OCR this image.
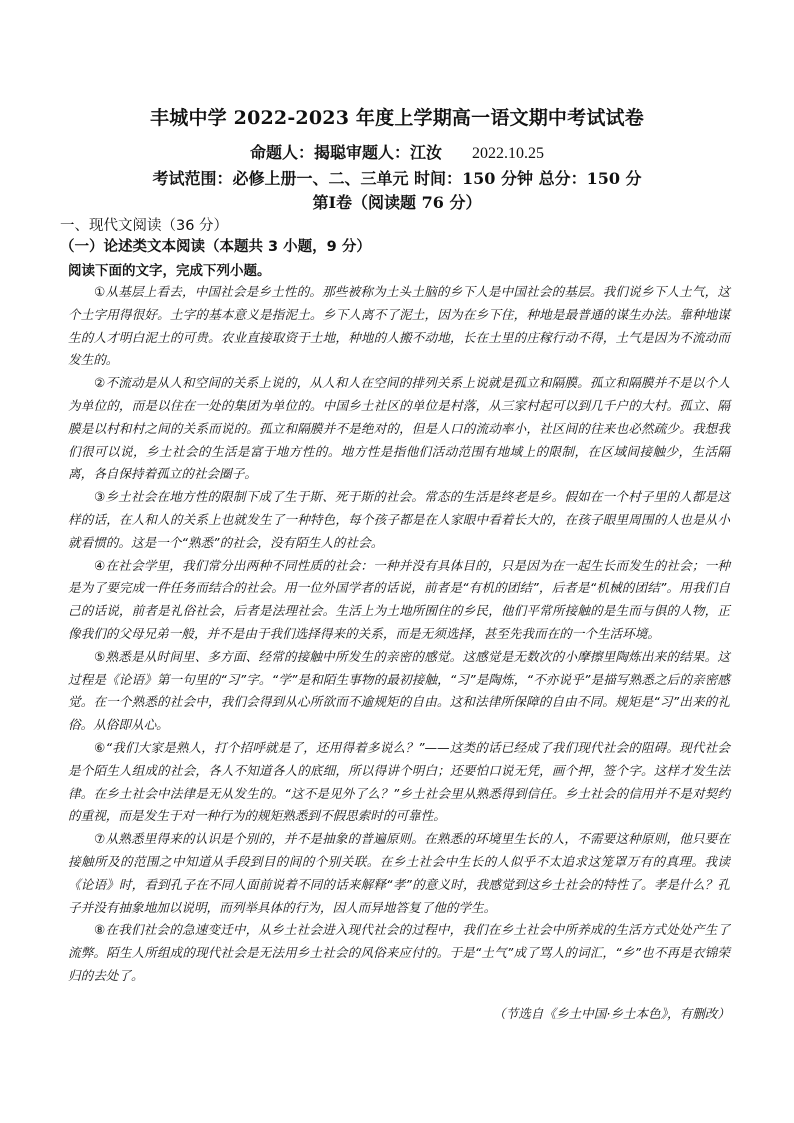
丰城中学 2022-2023 年度上学期高一语文期中考试试卷
命题人：揭聪审题人：江汝 2022.10.25
考试范围：必修上册一、二、三单元 时间：150 分钟 总分：150 分
第Ⅰ卷（阅读题 76 分）
一、现代文阅读（36 分）
（一）论述类文本阅读（本题共 3 小题，9 分）
阅读下面的文字，完成下列小题。

①从基层上看去，中国社会是乡土性的。那些被称为土头土脑的乡下人是中国社会的基层。我们说乡下人土气，这个土字用得很好。土字的基本意义是指泥土。乡下人离不了泥土，因为在乡下住，种地是最普通的谋生办法。靠种地谋生的人才明白泥土的可贵。农业直接取资于土地，种地的人搬不动地，长在土里的庄稼行动不得，土气是因为不流动而发生的。

②不流动是从人和空间的关系上说的，从人和人在空间的排列关系上说就是孤立和隔膜。孤立和隔膜并不是以个人为单位的，而是以住在一处的集团为单位的。中国乡土社区的单位是村落，从三家村起可以到几千户的大村。孤立、隔膜是以村和村之间的关系而说的。孤立和隔膜并不是绝对的，但是人口的流动率小，社区间的往来也必然疏少。我想我们很可以说，乡土社会的生活是富于地方性的。地方性是指他们活动范围有地域上的限制，在区域间接触少，生活隔离，各自保持着孤立的社会圈子。

③乡土社会在地方性的限制下成了生于斯、死于斯的社会。常态的生活是终老是乡。假如在一个村子里的人都是这样的话，在人和人的关系上也就发生了一种特色，每个孩子都是在人家眼中看着长大的，在孩子眼里周围的人也是从小就看惯的。这是一个“熟悉”的社会，没有陌生人的社会。

④在社会学里，我们常分出两种不同性质的社会：一种并没有具体目的，只是因为在一起生长而发生的社会；一种是为了要完成一件任务而结合的社会。用一位外国学者的话说，前者是“有机的团结”，后者是“机械的团结”。用我们自己的话说，前者是礼俗社会，后者是法理社会。生活上为土地所囿住的乡民，他们平常所接触的是生而与俱的人物，正像我们的父母兄弟一般，并不是由于我们选择得来的关系，而是无须选择，甚至先我而在的一个生活环境。

⑤熟悉是从时间里、多方面、经常的接触中所发生的亲密的感觉。这感觉是无数次的小摩擦里陶炼出来的结果。这过程是《论语》第一句里的“习”字。“学”是和陌生事物的最初接触，“习”是陶炼，“不亦说乎”是描写熟悉之后的亲密感觉。在一个熟悉的社会中，我们会得到从心所欲而不逾规矩的自由。这和法律所保障的自由不同。规矩是“习”出来的礼俗。从俗即从心。

⑥“我们大家是熟人，打个招呼就是了，还用得着多说么？”——这类的话已经成了我们现代社会的阻碍。现代社会是个陌生人组成的社会，各人不知道各人的底细，所以得讲个明白；还要怕口说无凭，画个押，签个字。这样才发生法律。在乡土社会中法律是无从发生的。“这不是见外了么？”乡土社会里从熟悉得到信任。乡土社会的信用并不是对契约的重视，而是发生于对一种行为的规矩熟悉到不假思索时的可靠性。

⑦从熟悉里得来的认识是个别的，并不是抽象的普遍原则。在熟悉的环境里生长的人，不需要这种原则，他只要在接触所及的范围之中知道从手段到目的间的个别关联。在乡土社会中生长的人似乎不太追求这笼罩万有的真理。我读《论语》时，看到孔子在不同人面前说着不同的话来解释“孝”的意义时，我感觉到这乡土社会的特性了。孝是什么？孔子并没有抽象地加以说明，而列举具体的行为，因人而异地答复了他的学生。

⑧在我们社会的急速变迁中，从乡土社会进入现代社会的过程中，我们在乡土社会中所养成的生活方式处处产生了流弊。陌生人所组成的现代社会是无法用乡土社会的风俗来应付的。于是“土气”成了骂人的词汇，“乡”也不再是衣锦荣归的去处了。

（节选自《乡土中国·乡土本色》，有删改）
